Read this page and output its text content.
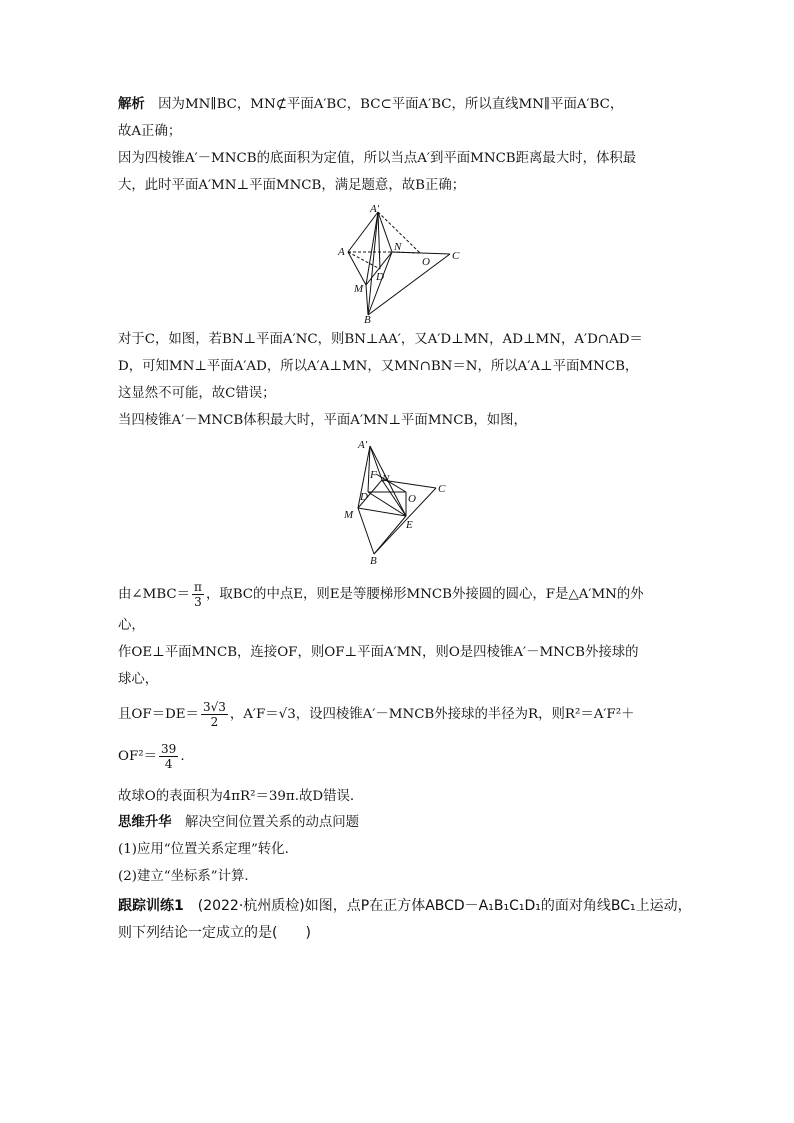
解析　 因为MN∥BC，MN⊄平面A′BC，BC⊂平面A′BC，所以直线MN∥平面A′BC，
故A正确；
因为四棱锥A′－MNCB的底面积为定值，所以当点A′到平面MNCB距离最大时，体积最
大，此时平面A′MN⊥平面MNCB，满足题意，故B正确；
A′
A	N
C
O
D
M
B
对于C，如图，若BN⊥平面A′NC，则BN⊥AA′，又A′D⊥MN，AD⊥MN，A′D∩AD＝
D，可知MN⊥平面A′AD，所以A′A⊥MN，又MN∩BN＝N，所以A′A⊥平面MNCB，
这显然不可能，故C错误；
当四棱锥A′－MNCB体积最大时，平面A′MN⊥平面MNCB，如图，
A′
F N
C
D	O
M
E
B
由∠MBC＝ $\frac{\pi}{3}$ ，取BC的中点E，则E是等腰梯形MNCB外接圆的圆心，F是△A′MN的外
心，
作OE⊥平面MNCB，连接OF，则OF⊥平面A′MN，则O是四棱锥A′－MNCB外接球的
球心，
且$OF=DE= \frac{3√3}{2}$ ，A′F＝√3，设四棱锥A′－MNCB外接球的半径为R，则R²＝A′F²＋
$OF^2= \frac{39}{4}$ .
故球O的表面积为4πR²＝39π.故D错误.
思维升华　 解决空间位置关系的动点问题
(1)应用“位置关系定理”转化.
(2)建立“坐标系”计算.
跟踪训练1　 (2022·杭州质检)如图，点P在正方体ABCD－A₁B₁C₁D₁的面对角线BC₁上运动，
则下列结论一定成立的是(　　)
